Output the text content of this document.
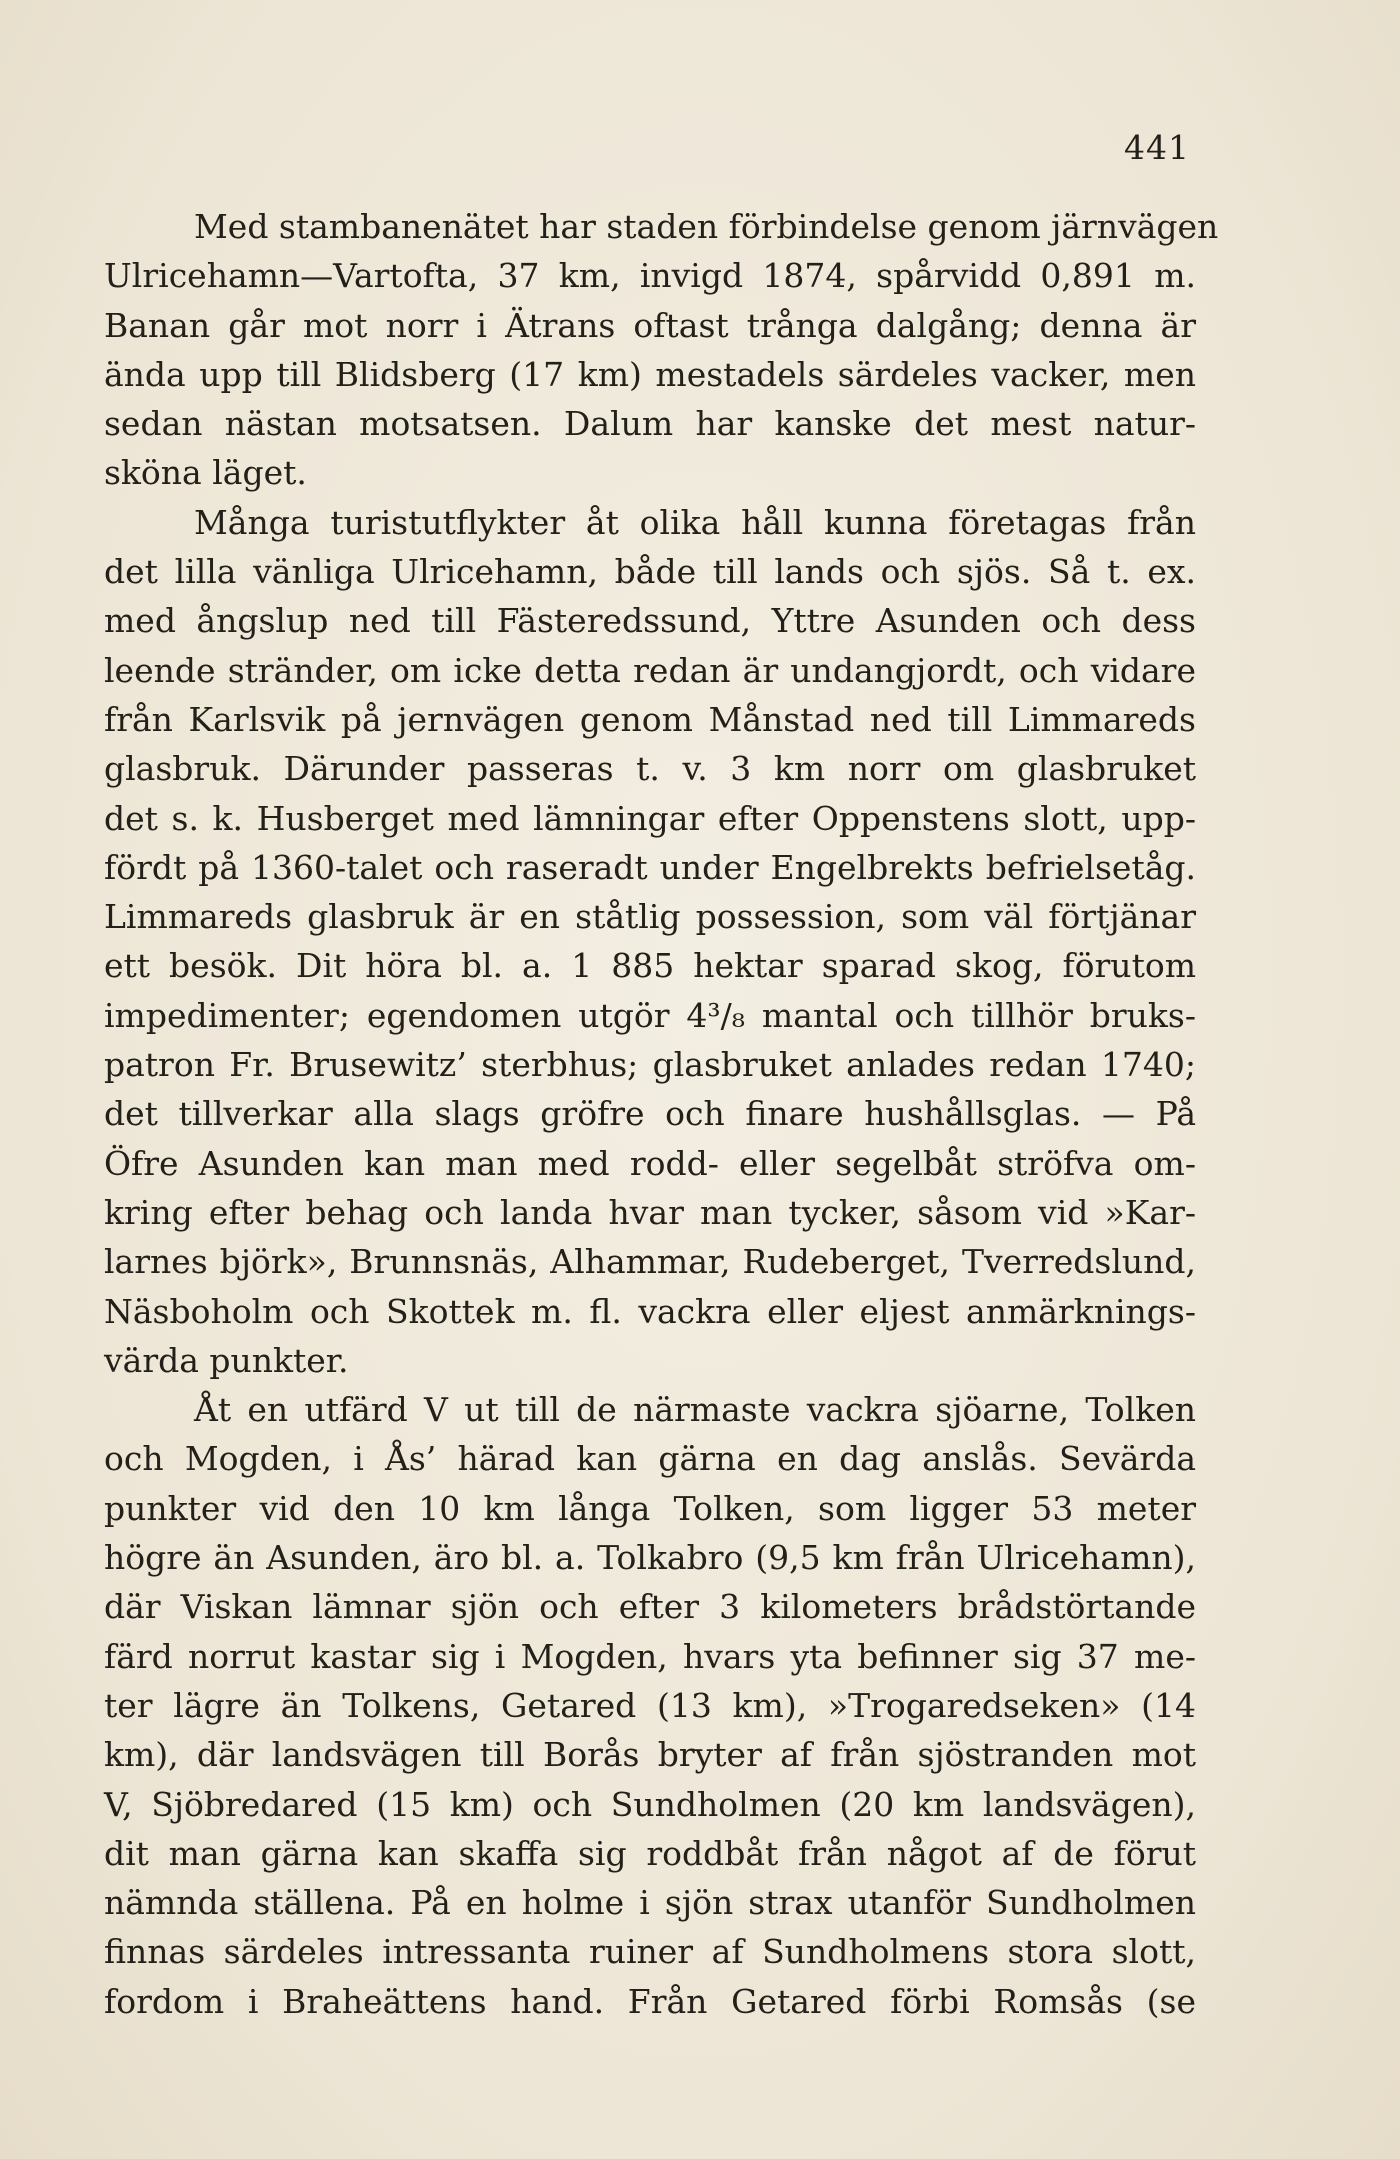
441
Med stambanenätet har staden förbindelse genom järnvägen
Ulricehamn—Vartofta, 37 km, invigd 1874, spårvidd 0,891 m.
Banan går mot norr i Ätrans oftast trånga dalgång; denna är
ända upp till Blidsberg (17 km) mestadels särdeles vacker, men
sedan nästan motsatsen. Dalum har kanske det mest natur-
sköna läget.
Många turistutflykter åt olika håll kunna företagas från
det lilla vänliga Ulricehamn, både till lands och sjös. Så t. ex.
med ångslup ned till Fästeredssund, Yttre Asunden och dess
leende stränder, om icke detta redan är undangjordt, och vidare
från Karlsvik på jernvägen genom Månstad ned till Limmareds
glasbruk. Därunder passeras t. v. 3 km norr om glasbruket
det s. k. Husberget med lämningar efter Oppenstens slott, upp-
fördt på 1360-talet och raseradt under Engelbrekts befrielsetåg.
Limmareds glasbruk är en ståtlig possession, som väl förtjänar
ett besök. Dit höra bl. a. 1 885 hektar sparad skog, förutom
impedimenter; egendomen utgör 4³/₈ mantal och tillhör bruks-
patron Fr. Brusewitz’ sterbhus; glasbruket anlades redan 1740;
det tillverkar alla slags gröfre och finare hushållsglas. — På
Öfre Asunden kan man med rodd- eller segelbåt ströfva om-
kring efter behag och landa hvar man tycker, såsom vid »Kar-
larnes björk», Brunnsnäs, Alhammar, Rudeberget, Tverredslund,
Näsboholm och Skottek m. fl. vackra eller eljest anmärknings-
värda punkter.
Åt en utfärd V ut till de närmaste vackra sjöarne, Tolken
och Mogden, i Ås’ härad kan gärna en dag anslås. Sevärda
punkter vid den 10 km långa Tolken, som ligger 53 meter
högre än Asunden, äro bl. a. Tolkabro (9,5 km från Ulricehamn),
där Viskan lämnar sjön och efter 3 kilometers brådstörtande
färd norrut kastar sig i Mogden, hvars yta befinner sig 37 me-
ter lägre än Tolkens, Getared (13 km), »Trogaredseken» (14
km), där landsvägen till Borås bryter af från sjöstranden mot
V, Sjöbredared (15 km) och Sundholmen (20 km landsvägen),
dit man gärna kan skaffa sig roddbåt från något af de förut
nämnda ställena. På en holme i sjön strax utanför Sundholmen
finnas särdeles intressanta ruiner af Sundholmens stora slott,
fordom i Braheättens hand. Från Getared förbi Romsås (se
